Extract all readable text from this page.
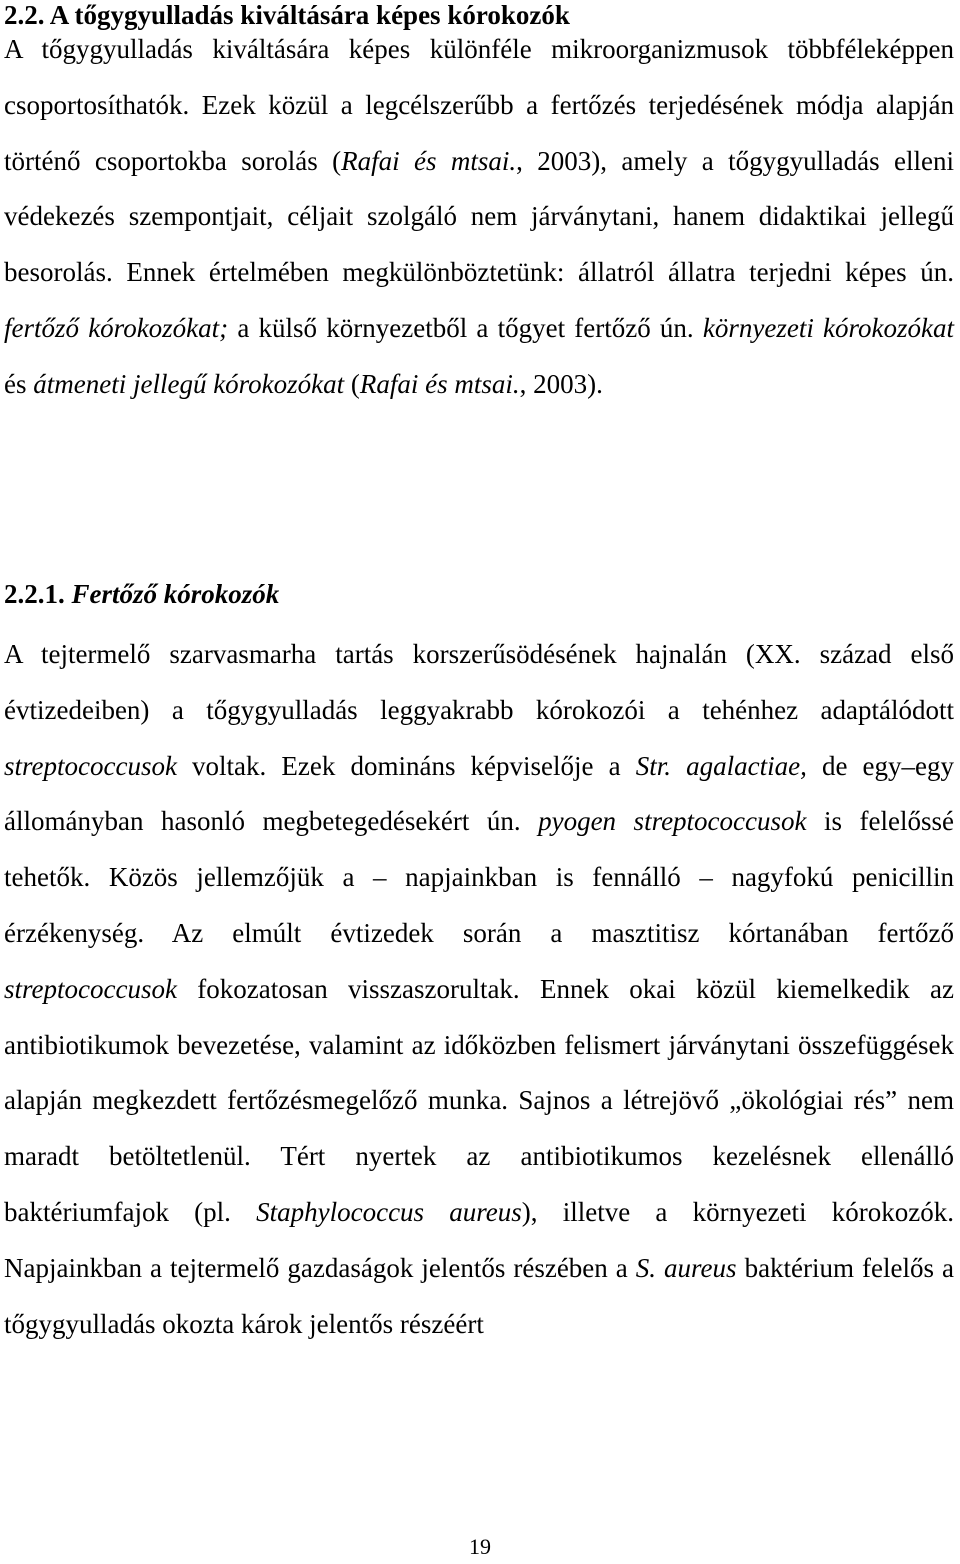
2.2. A tőgygyulladás kiváltására képes kórokozók

A tőgygyulladás kiváltására képes különféle mikroorganizmusok többféleképpen csoportosíthatók. Ezek közül a legcélszerűbb a fertőzés terjedésének módja alapján történő csoportokba sorolás (Rafai és mtsai., 2003), amely a tőgygyulladás elleni védekezés szempontjait, céljait szolgáló nem járványtani, hanem didaktikai jellegű besorolás. Ennek értelmében megkülönböztetünk: állatról állatra terjedni képes ún. fertőző kórokozókat; a külső környezetből a tőgyet fertőző ún. környezeti kórokozókat és átmeneti jellegű kórokozókat (Rafai és mtsai., 2003).

2.2.1. Fertőző kórokozók

A tejtermelő szarvasmarha tartás korszerűsödésének hajnalán (XX. század első évtizedeiben) a tőgygyulladás leggyakrabb kórokozói a tehénhez adaptálódott streptococcusok voltak. Ezek domináns képviselője a Str. agalactiae, de egy–egy állományban hasonló megbetegedésekért ún. pyogen streptococcusok is felelőssé tehetők. Közös jellemzőjük a – napjainkban is fennálló – nagyfokú penicillin érzékenység. Az elmúlt évtizedek során a masztitisz kórtanában fertőző streptococcusok fokozatosan visszaszorultak. Ennek okai közül kiemelkedik az antibiotikumok bevezetése, valamint az időközben felismert járványtani összefüggések alapján megkezdett fertőzésmegelőző munka. Sajnos a létrejövő „ökológiai rés” nem maradt betöltetlenül. Tért nyertek az antibiotikumos kezelésnek ellenálló baktériumfajok (pl. Staphylococcus aureus), illetve a környezeti kórokozók. Napjainkban a tejtermelő gazdaságok jelentős részében a S. aureus baktérium felelős a tőgygyulladás okozta károk jelentős részéért

19
